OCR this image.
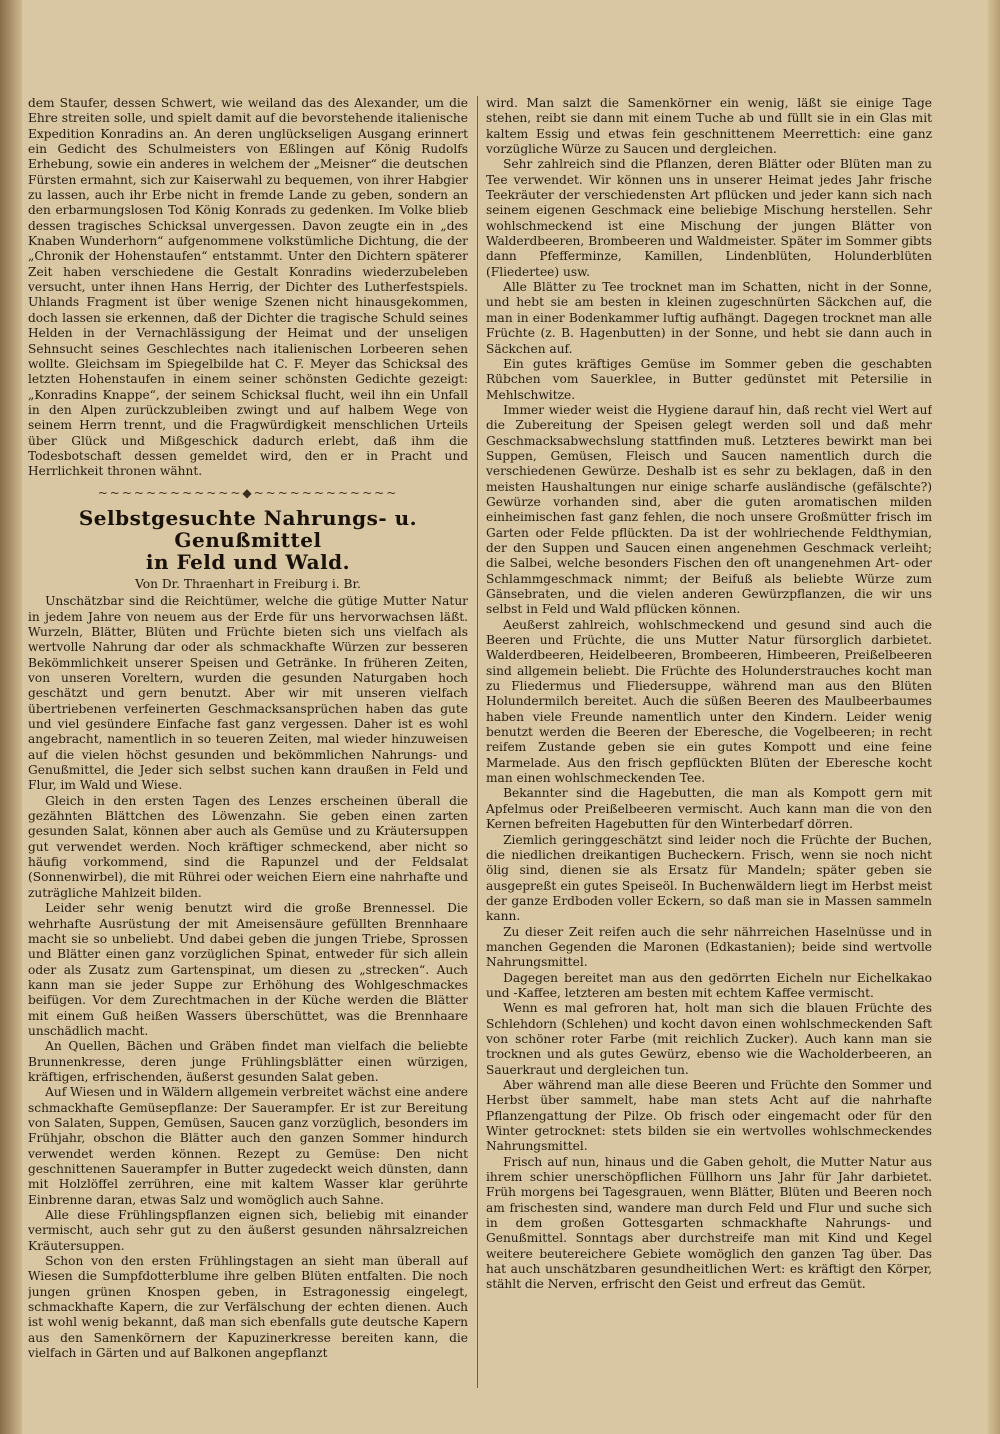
dem Staufer, dessen Schwert, wie weiland das des Alexander, um die Ehre streiten solle, und spielt damit auf die bevorstehende italienische Expedition Konradins an. An deren unglückseligen Ausgang erinnert ein Gedicht des Schulmeisters von Eßlingen auf König Rudolfs Erhebung, sowie ein anderes in welchem der „Meisner“ die deutschen Fürsten ermahnt, sich zur Kaiserwahl zu bequemen, von ihrer Habgier zu lassen, auch ihr Erbe nicht in fremde Lande zu geben, sondern an den erbarmungslosen Tod König Konrads zu gedenken. Im Volke blieb dessen tragisches Schicksal unvergessen. Davon zeugte ein in „des Knaben Wunderhorn“ aufgenommene volkstümliche Dichtung, die der „Chronik der Hohenstaufen“ entstammt. Unter den Dichtern späterer Zeit haben verschiedene die Gestalt Konradins wiederzubeleben versucht, unter ihnen Hans Herrig, der Dichter des Lutherfestspiels. Uhlands Fragment ist über wenige Szenen nicht hinausgekommen, doch lassen sie erkennen, daß der Dichter die tragische Schuld seines Helden in der Vernachlässigung der Heimat und der unseligen Sehnsucht seines Geschlechtes nach italienischen Lorbeeren sehen wollte. Gleichsam im Spiegelbilde hat C. F. Meyer das Schicksal des letzten Hohenstaufen in einem seiner schönsten Gedichte gezeigt: „Konradins Knappe“, der seinem Schicksal flucht, weil ihn ein Unfall in den Alpen zurückzubleiben zwingt und auf halbem Wege von seinem Herrn trennt, und die Fragwürdigkeit menschlichen Urteils über Glück und Mißgeschick dadurch erlebt, daß ihm die Todesbotschaft dessen gemeldet wird, den er in Pracht und Herrlichkeit thronen wähnt.

~~~~~~~~~~~~◆~~~~~~~~~~~~
Selbstgesuchte Nahrungs- u. Genußmittel
in Feld und Wald.
Von Dr. Thraenhart in Freiburg i. Br.

Unschätzbar sind die Reichtümer, welche die gütige Mutter Natur in jedem Jahre von neuem aus der Erde für uns hervorwachsen läßt. Wurzeln, Blätter, Blüten und Früchte bieten sich uns vielfach als wertvolle Nahrung dar oder als schmackhafte Würzen zur besseren Bekömmlichkeit unserer Speisen und Getränke. In früheren Zeiten, von unseren Voreltern, wurden die gesunden Naturgaben hoch geschätzt und gern benutzt. Aber wir mit unseren vielfach übertriebenen verfeinerten Geschmacksansprüchen haben das gute und viel gesündere Einfache fast ganz vergessen. Daher ist es wohl angebracht, namentlich in so teueren Zeiten, mal wieder hinzuweisen auf die vielen höchst gesunden und bekömmlichen Nahrungs- und Genußmittel, die Jeder sich selbst suchen kann draußen in Feld und Flur, im Wald und Wiese.

Gleich in den ersten Tagen des Lenzes erscheinen überall die gezähnten Blättchen des Löwenzahn. Sie geben einen zarten gesunden Salat, können aber auch als Gemüse und zu Kräutersuppen gut verwendet werden. Noch kräftiger schmeckend, aber nicht so häufig vorkommend, sind die Rapunzel und der Feldsalat (Sonnenwirbel), die mit Rührei oder weichen Eiern eine nahrhafte und zuträgliche Mahlzeit bilden.

Leider sehr wenig benutzt wird die große Brennessel. Die wehrhafte Ausrüstung der mit Ameisensäure gefüllten Brennhaare macht sie so unbeliebt. Und dabei geben die jungen Triebe, Sprossen und Blätter einen ganz vorzüglichen Spinat, entweder für sich allein oder als Zusatz zum Gartenspinat, um diesen zu „strecken“. Auch kann man sie jeder Suppe zur Erhöhung des Wohlgeschmackes beifügen. Vor dem Zurechtmachen in der Küche werden die Blätter mit einem Guß heißen Wassers überschüttet, was die Brennhaare unschädlich macht.

An Quellen, Bächen und Gräben findet man vielfach die beliebte Brunnenkresse, deren junge Frühlingsblätter einen würzigen, kräftigen, erfrischenden, äußerst gesunden Salat geben.

Auf Wiesen und in Wäldern allgemein verbreitet wächst eine andere schmackhafte Gemüsepflanze: Der Sauerampfer. Er ist zur Bereitung von Salaten, Suppen, Gemüsen, Saucen ganz vorzüglich, besonders im Frühjahr, obschon die Blätter auch den ganzen Sommer hindurch verwendet werden können. Rezept zu Gemüse: Den nicht geschnittenen Sauerampfer in Butter zugedeckt weich dünsten, dann mit Holzlöffel zerrühren, eine mit kaltem Wasser klar gerührte Einbrenne daran, etwas Salz und womöglich auch Sahne.

Alle diese Frühlingspflanzen eignen sich, beliebig mit einander vermischt, auch sehr gut zu den äußerst gesunden nährsalzreichen Kräutersuppen.

Schon von den ersten Frühlingstagen an sieht man überall auf Wiesen die Sumpfdotterblume ihre gelben Blüten entfalten. Die noch jungen grünen Knospen geben, in Estragonessig eingelegt, schmackhafte Kapern, die zur Verfälschung der echten dienen. Auch ist wohl wenig bekannt, daß man sich ebenfalls gute deutsche Kapern aus den Samenkörnern der Kapuzinerkresse bereiten kann, die vielfach in Gärten und auf Balkonen angepflanzt

wird. Man salzt die Samenkörner ein wenig, läßt sie einige Tage stehen, reibt sie dann mit einem Tuche ab und füllt sie in ein Glas mit kaltem Essig und etwas fein geschnittenem Meerrettich: eine ganz vorzügliche Würze zu Saucen und dergleichen.

Sehr zahlreich sind die Pflanzen, deren Blätter oder Blüten man zu Tee verwendet. Wir können uns in unserer Heimat jedes Jahr frische Teekräuter der verschiedensten Art pflücken und jeder kann sich nach seinem eigenen Geschmack eine beliebige Mischung herstellen. Sehr wohlschmeckend ist eine Mischung der jungen Blätter von Walderdbeeren, Brombeeren und Waldmeister. Später im Sommer gibts dann Pfefferminze, Kamillen, Lindenblüten, Holunderblüten (Fliedertee) usw.

Alle Blätter zu Tee trocknet man im Schatten, nicht in der Sonne, und hebt sie am besten in kleinen zugeschnürten Säckchen auf, die man in einer Bodenkammer luftig aufhängt. Dagegen trocknet man alle Früchte (z. B. Hagenbutten) in der Sonne, und hebt sie dann auch in Säckchen auf.

Ein gutes kräftiges Gemüse im Sommer geben die geschabten Rübchen vom Sauerklee, in Butter gedünstet mit Petersilie in Mehlschwitze.

Immer wieder weist die Hygiene darauf hin, daß recht viel Wert auf die Zubereitung der Speisen gelegt werden soll und daß mehr Geschmacksabwechslung stattfinden muß. Letzteres bewirkt man bei Suppen, Gemüsen, Fleisch und Saucen namentlich durch die verschiedenen Gewürze. Deshalb ist es sehr zu beklagen, daß in den meisten Haushaltungen nur einige scharfe ausländische (gefälschte?) Gewürze vorhanden sind, aber die guten aromatischen milden einheimischen fast ganz fehlen, die noch unsere Großmütter frisch im Garten oder Felde pflückten. Da ist der wohlriechende Feldthymian, der den Suppen und Saucen einen angenehmen Geschmack verleiht; die Salbei, welche besonders Fischen den oft unangenehmen Art- oder Schlammgeschmack nimmt; der Beifuß als beliebte Würze zum Gänsebraten, und die vielen anderen Gewürzpflanzen, die wir uns selbst in Feld und Wald pflücken können.

Aeußerst zahlreich, wohlschmeckend und gesund sind auch die Beeren und Früchte, die uns Mutter Natur fürsorglich darbietet. Walderdbeeren, Heidelbeeren, Brombeeren, Himbeeren, Preißelbeeren sind allgemein beliebt. Die Früchte des Holunderstrauches kocht man zu Fliedermus und Fliedersuppe, während man aus den Blüten Holundermilch bereitet. Auch die süßen Beeren des Maulbeerbaumes haben viele Freunde namentlich unter den Kindern. Leider wenig benutzt werden die Beeren der Eberesche, die Vogelbeeren; in recht reifem Zustande geben sie ein gutes Kompott und eine feine Marmelade. Aus den frisch gepflückten Blüten der Eberesche kocht man einen wohlschmeckenden Tee.

Bekannter sind die Hagebutten, die man als Kompott gern mit Apfelmus oder Preißelbeeren vermischt. Auch kann man die von den Kernen befreiten Hagebutten für den Winterbedarf dörren.

Ziemlich geringgeschätzt sind leider noch die Früchte der Buchen, die niedlichen dreikantigen Bucheckern. Frisch, wenn sie noch nicht ölig sind, dienen sie als Ersatz für Mandeln; später geben sie ausgepreßt ein gutes Speiseöl. In Buchenwäldern liegt im Herbst meist der ganze Erdboden voller Eckern, so daß man sie in Massen sammeln kann.

Zu dieser Zeit reifen auch die sehr nährreichen Haselnüsse und in manchen Gegenden die Maronen (Edkastanien); beide sind wertvolle Nahrungsmittel.

Dagegen bereitet man aus den gedörrten Eicheln nur Eichelkakao und -Kaffee, letzteren am besten mit echtem Kaffee vermischt.

Wenn es mal gefroren hat, holt man sich die blauen Früchte des Schlehdorn (Schlehen) und kocht davon einen wohlschmeckenden Saft von schöner roter Farbe (mit reichlich Zucker). Auch kann man sie trocknen und als gutes Gewürz, ebenso wie die Wacholderbeeren, an Sauerkraut und dergleichen tun.

Aber während man alle diese Beeren und Früchte den Sommer und Herbst über sammelt, habe man stets Acht auf die nahrhafte Pflanzengattung der Pilze. Ob frisch oder eingemacht oder für den Winter getrocknet: stets bilden sie ein wertvolles wohlschmeckendes Nahrungsmittel.

Frisch auf nun, hinaus und die Gaben geholt, die Mutter Natur aus ihrem schier unerschöpflichen Füllhorn uns Jahr für Jahr darbietet. Früh morgens bei Tagesgrauen, wenn Blätter, Blüten und Beeren noch am frischesten sind, wandere man durch Feld und Flur und suche sich in dem großen Gottesgarten schmackhafte Nahrungs- und Genußmittel. Sonntags aber durchstreife man mit Kind und Kegel weitere beutereichere Gebiete womöglich den ganzen Tag über. Das hat auch unschätzbaren gesundheitlichen Wert: es kräftigt den Körper, stählt die Nerven, erfrischt den Geist und erfreut das Gemüt.
